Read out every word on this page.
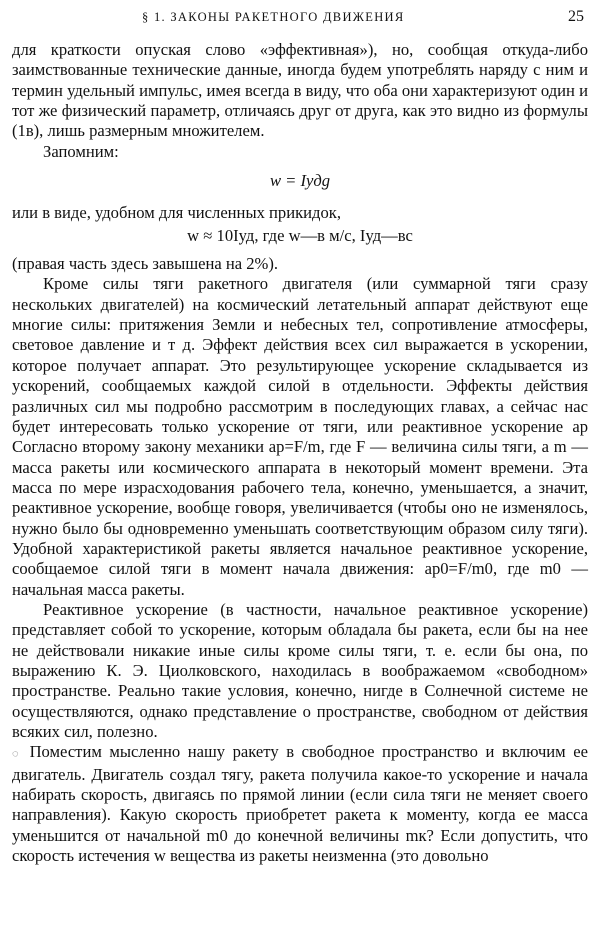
§ 1. ЗАКОНЫ РАКЕТНОГО ДВИЖЕНИЯ	25

для краткости опуская слово «эффективная»), но, сообщая откуда-либо заимствованные технические данные, иногда будем употреблять наряду с ним и термин удельный импульс, имея всегда в виду, что оба они характеризуют один и тот же физический параметр, отличаясь друг от друга, как это видно из формулы (1в), лишь размерным множителем.

Запомним:

w = Iудg

или в виде, удобном для численных прикидок,

w ≈ 10Iуд, где w—в м/с, Iуд—вс

(правая часть здесь завышена на 2%).

Кроме силы тяги ракетного двигателя (или суммарной тяги сразу нескольких двигателей) на космический летательный аппарат действуют еще многие силы: притяжения Земли и небесных тел, сопротивление атмосферы, световое давление и т д. Эффект действия всех сил выражается в ускорении, которое получает аппарат. Это результирующее ускорение складывается из ускорений, сообщаемых каждой силой в отдельности. Эффекты действия различных сил мы подробно рассмотрим в последующих главах, а сейчас нас будет интересовать только ускорение от тяги, или реактивное ускорение aр Согласно второму закону механики aр=F/m, где F — величина силы тяги, а m — масса ракеты или космического аппарата в некоторый момент времени. Эта масса по мере израсходования рабочего тела, конечно, уменьшается, а значит, реактивное ускорение, вообще говоря, увеличивается (чтобы оно не изменялось, нужно было бы одновременно уменьшать соответствующим образом силу тяги). Удобной характеристикой ракеты является начальное реактивное ускорение, сообщаемое силой тяги в момент начала движения: aр0=F/m0, где m0 — начальная масса ракеты.

Реактивное ускорение (в частности, начальное реактивное ускорение) представляет собой то ускорение, которым обладала бы ракета, если бы на нее не действовали никакие иные силы кроме силы тяги, т. е. если бы она, по выражению К. Э. Циолковского, находилась в воображаемом «свободном» пространстве. Реально такие условия, конечно, нигде в Солнечной системе не осуществляются, однако представление о пространстве, свободном от действия всяких сил, полезно.

◌ Поместим мысленно нашу ракету в свободное пространство и включим ее двигатель. Двигатель создал тягу, ракета получила какое-то ускорение и начала набирать скорость, двигаясь по прямой линии (если сила тяги не меняет своего направления). Какую скорость приобретет ракета к моменту, когда ее масса уменьшится от начальной m0 до конечной величины mк? Если допустить, что скорость истечения w вещества из ракеты неизменна (это довольно
